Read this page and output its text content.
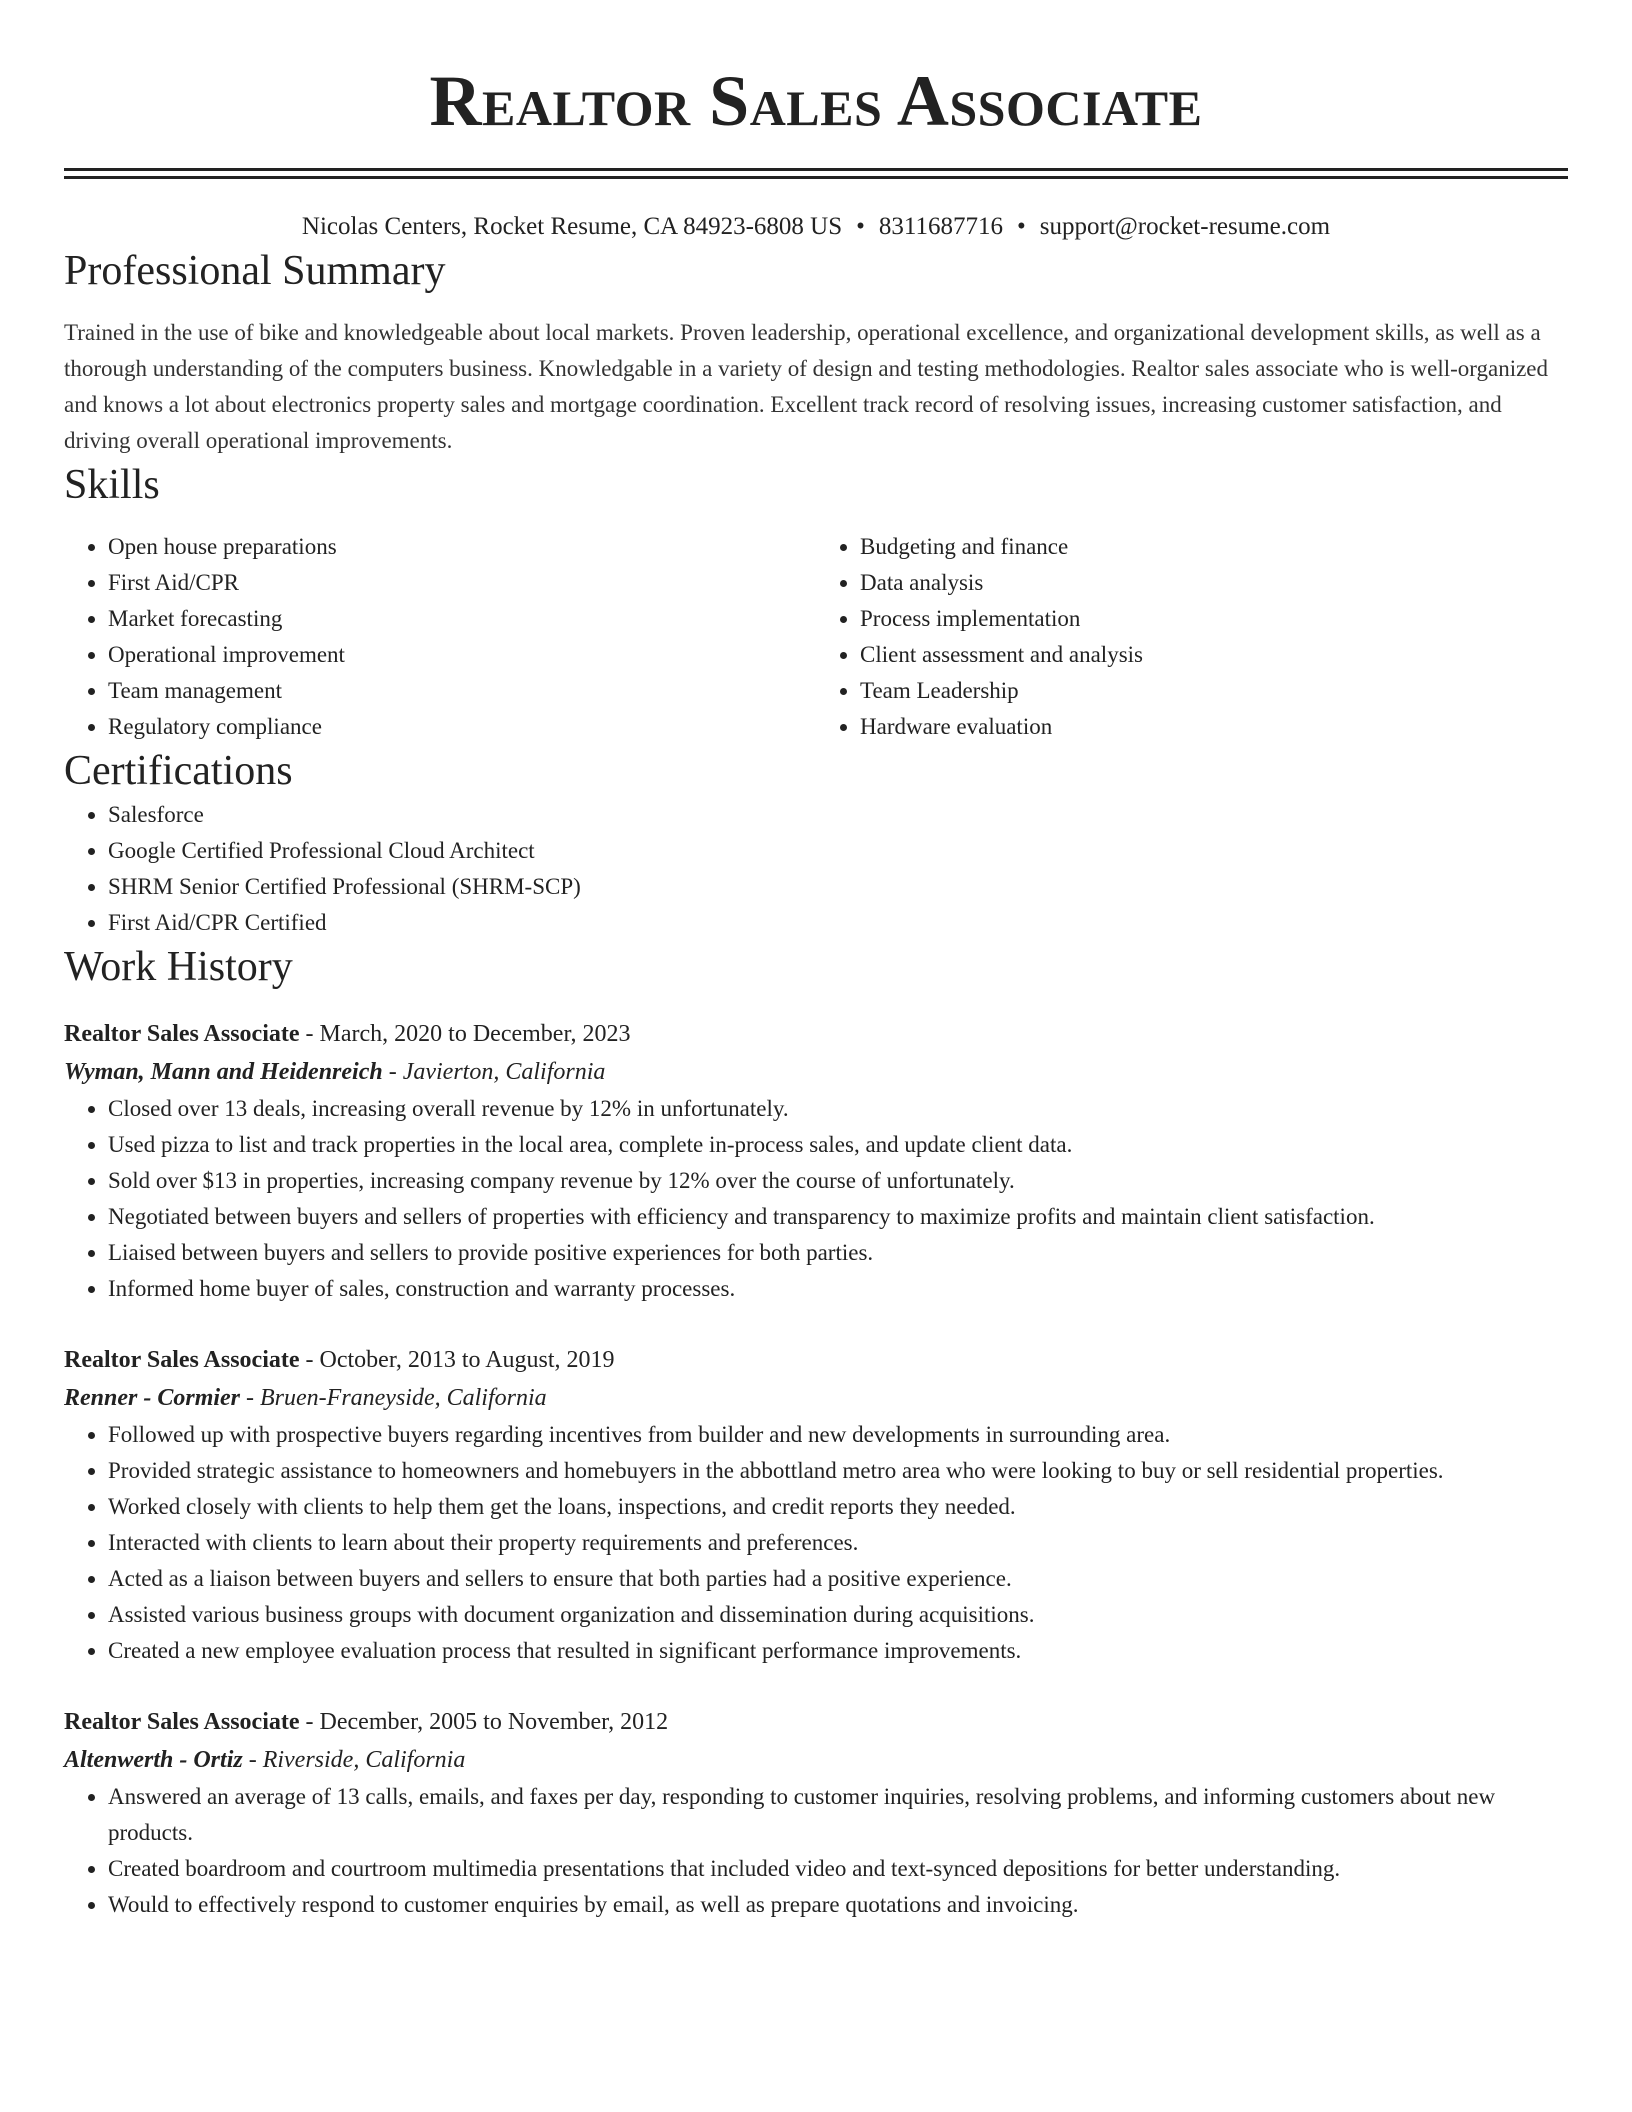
Realtor Sales Associate
Nicolas Centers, Rocket Resume, CA 84923-6808 US • 8311687716 • support@rocket-resume.com
Professional Summary

Trained in the use of bike and knowledgeable about local markets. Proven leadership, operational excellence, and organizational development skills, as well as a thorough understanding of the computers business. Knowledgable in a variety of design and testing methodologies. Realtor sales associate who is well-organized and knows a lot about electronics property sales and mortgage coordination. Excellent track record of resolving issues, increasing customer satisfaction, and driving overall operational improvements.

Skills
• Open house preparations
• First Aid/CPR
• Market forecasting
• Operational improvement
• Team management
• Regulatory compliance
• Budgeting and finance
• Data analysis
• Process implementation
• Client assessment and analysis
• Team Leadership
• Hardware evaluation
Certifications
• Salesforce
• Google Certified Professional Cloud Architect
• SHRM Senior Certified Professional (SHRM-SCP)
• First Aid/CPR Certified
Work History
Realtor Sales Associate - March, 2020 to December, 2023
Wyman, Mann and Heidenreich - Javierton, California
• Closed over 13 deals, increasing overall revenue by 12% in unfortunately.
• Used pizza to list and track properties in the local area, complete in-process sales, and update client data.
• Sold over $13 in properties, increasing company revenue by 12% over the course of unfortunately.
• Negotiated between buyers and sellers of properties with efficiency and transparency to maximize profits and maintain client satisfaction.
• Liaised between buyers and sellers to provide positive experiences for both parties.
• Informed home buyer of sales, construction and warranty processes.
Realtor Sales Associate - October, 2013 to August, 2019
Renner - Cormier - Bruen-Franeyside, California
• Followed up with prospective buyers regarding incentives from builder and new developments in surrounding area.
• Provided strategic assistance to homeowners and homebuyers in the abbottland metro area who were looking to buy or sell residential properties.
• Worked closely with clients to help them get the loans, inspections, and credit reports they needed.
• Interacted with clients to learn about their property requirements and preferences.
• Acted as a liaison between buyers and sellers to ensure that both parties had a positive experience.
• Assisted various business groups with document organization and dissemination during acquisitions.
• Created a new employee evaluation process that resulted in significant performance improvements.
Realtor Sales Associate - December, 2005 to November, 2012
Altenwerth - Ortiz - Riverside, California
• Answered an average of 13 calls, emails, and faxes per day, responding to customer inquiries, resolving problems, and informing customers about new products.
• Created boardroom and courtroom multimedia presentations that included video and text-synced depositions for better understanding.
• Would to effectively respond to customer enquiries by email, as well as prepare quotations and invoicing.
